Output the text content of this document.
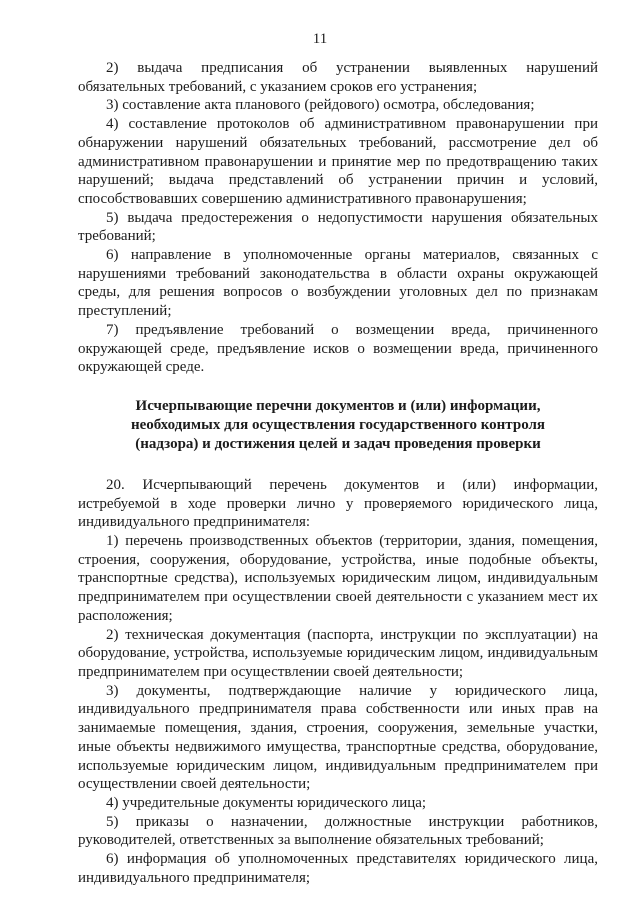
11

2) выдача предписания об устранении выявленных нарушений обязательных требований, с указанием сроков его устранения;

3) составление акта планового (рейдового) осмотра, обследования;

4) составление протоколов об административном правонарушении при обнаружении нарушений обязательных требований, рассмотрение дел об административном правонарушении и принятие мер по предотвращению таких нарушений; выдача представлений об устранении причин и условий, способствовавших совершению административного правонарушения;

5) выдача предостережения о недопустимости нарушения обязательных требований;

6) направление в уполномоченные органы материалов, связанных с нарушениями требований законодательства в области охраны окружающей среды, для решения вопросов о возбуждении уголовных дел по признакам преступлений;

7) предъявление требований о возмещении вреда, причиненного окружающей среде, предъявление исков о возмещении вреда, причиненного окружающей среде.

Исчерпывающие перечни документов и (или) информации,
необходимых для осуществления государственного контроля
(надзора) и достижения целей и задач проведения проверки

20. Исчерпывающий перечень документов и (или) информации, истребуемой в ходе проверки лично у проверяемого юридического лица, индивидуального предпринимателя:

1) перечень производственных объектов (территории, здания, помещения, строения, сооружения, оборудование, устройства, иные подобные объекты, транспортные средства), используемых юридическим лицом, индивидуальным предпринимателем при осуществлении своей деятельности с указанием мест их расположения;

2) техническая документация (паспорта, инструкции по эксплуатации) на оборудование, устройства, используемые юридическим лицом, индивидуальным предпринимателем при осуществлении своей деятельности;

3) документы, подтверждающие наличие у юридического лица, индивидуального предпринимателя права собственности или иных прав на занимаемые помещения, здания, строения, сооружения, земельные участки, иные объекты недвижимого имущества, транспортные средства, оборудование, используемые юридическим лицом, индивидуальным предпринимателем при осуществлении своей деятельности;

4) учредительные документы юридического лица;

5) приказы о назначении, должностные инструкции работников, руководителей, ответственных за выполнение обязательных требований;

6) информация об уполномоченных представителях юридического лица, индивидуального предпринимателя;
